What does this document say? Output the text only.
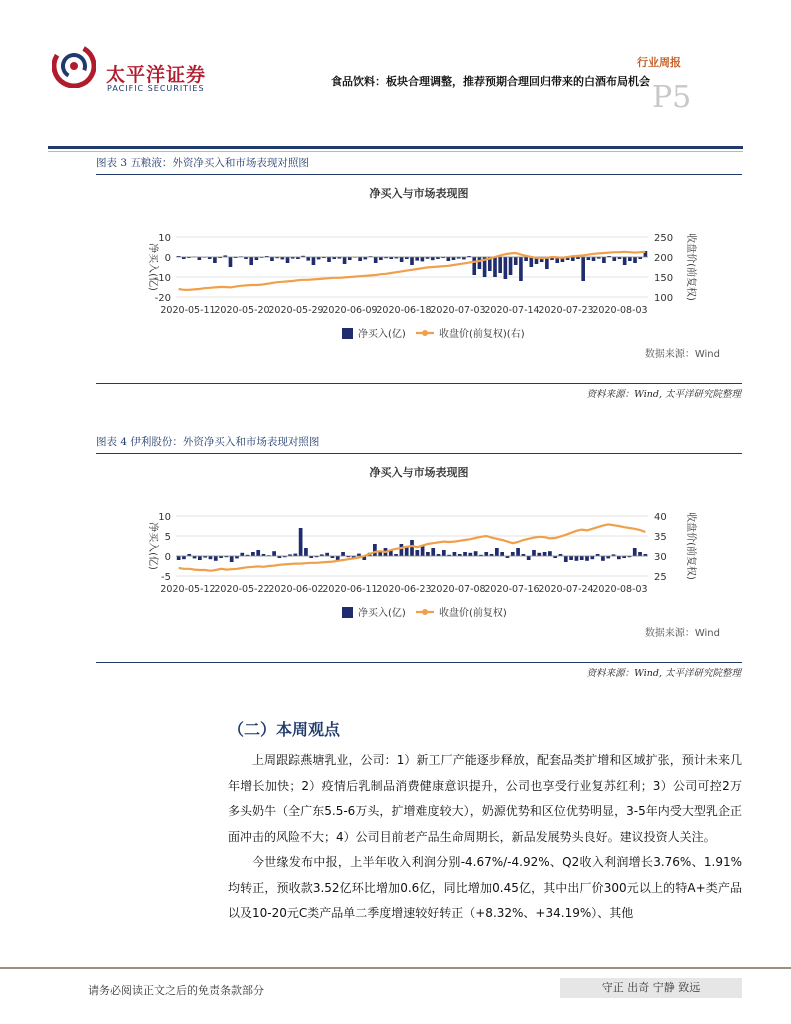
太平洋证券
PACIFIC SECURITIES
行业周报
食品饮料：板块合理调整，推荐预期合理回归带来的白酒布局机会 P5
图表 3 五粮液：外资净买入和市场表现对照图
净买入与市场表现图
10
0
-10
-20
250
200
150
100
净买入(亿)	收盘价(前复权)
2020-05-11
2020-05-20
2020-05-29
2020-06-09
2020-06-18
2020-07-03
2020-07-14
2020-07-23
2020-08-03
净买入(亿)	收盘价(前复权)(右)
数据来源：Wind
资料来源：Wind, 太平洋研究院整理
图表 4 伊利股份：外资净买入和市场表现对照图
净买入与市场表现图
10
5
0
-5
40
35
30
25
净买入(亿)	收盘价(前复权)
2020-05-12
2020-05-22
2020-06-02
2020-06-11
2020-06-23
2020-07-08
2020-07-16
2020-07-24
2020-08-03
净买入(亿)	收盘价(前复权)
数据来源：Wind
资料来源：Wind, 太平洋研究院整理
（二）本周观点

上周跟踪燕塘乳业，公司：1）新工厂产能逐步释放，配套品类扩增和区域扩张，预计未来几年增长加快；2）疫情后乳制品消费健康意识提升，公司也享受行业复苏红利；3）公司可控2万多头奶牛（全广东5.5-6万头，扩增难度较大），奶源优势和区位优势明显，3-5年内受大型乳企正面冲击的风险不大；4）公司目前老产品生命周期长，新品发展势头良好。建议投资人关注。

今世缘发布中报，上半年收入利润分别-4.67%/-4.92%、Q2收入利润增长3.76%、1.91%均转正，预收款3.52亿环比增加0.6亿，同比增加0.45亿，其中出厂价300元以上的特A+类产品以及10-20元C类产品单二季度增速较好转正（+8.32%、+34.19%）、其他

请务必阅读正文之后的免责条款部分	守正 出奇 宁静 致远
